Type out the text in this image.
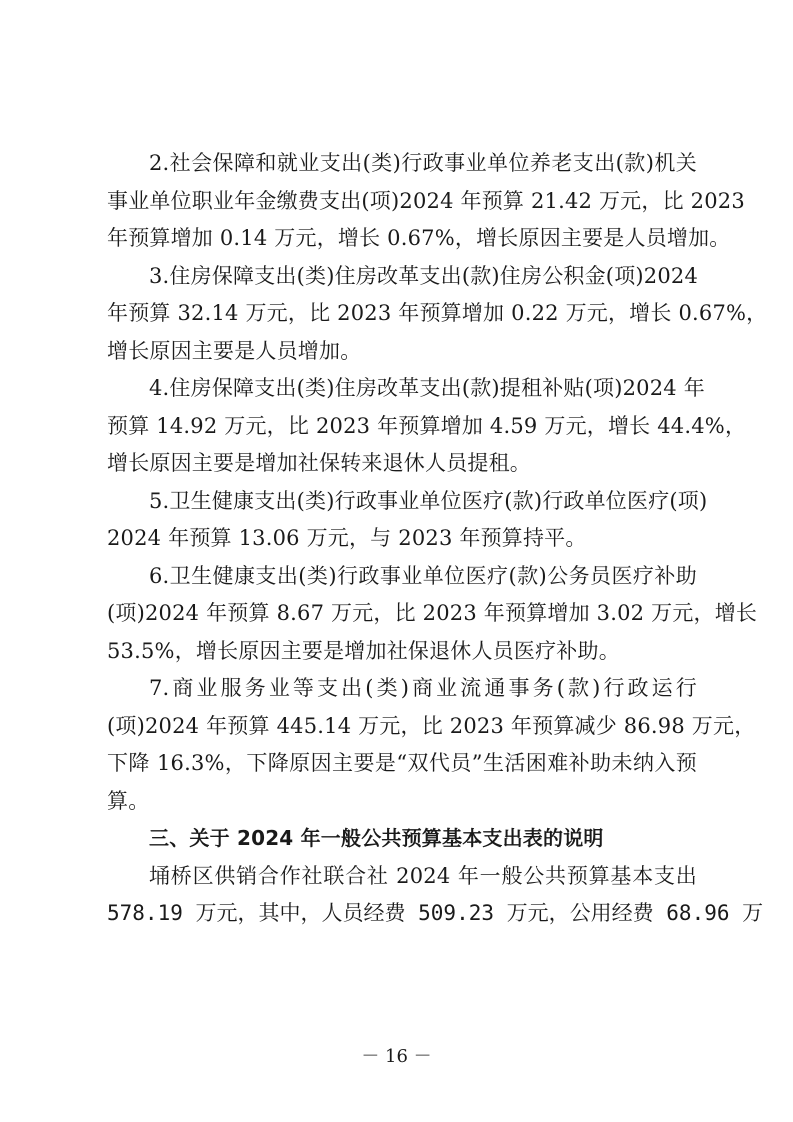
2.社会保障和就业支出(类)行政事业单位养老支出(款)机关
事业单位职业年金缴费支出(项)2024 年预算 21.42 万元，比 2023
年预算增加 0.14 万元，增长 0.67%，增长原因主要是人员增加。

3.住房保障支出(类)住房改革支出(款)住房公积金(项)2024
年预算 32.14 万元，比 2023 年预算增加 0.22 万元，增长 0.67%，
增长原因主要是人员增加。

4.住房保障支出(类)住房改革支出(款)提租补贴(项)2024 年
预算 14.92 万元，比 2023 年预算增加 4.59 万元，增长 44.4%，
增长原因主要是增加社保转来退休人员提租。

5.卫生健康支出(类)行政事业单位医疗(款)行政单位医疗(项)
2024 年预算 13.06 万元，与 2023 年预算持平。

6.卫生健康支出(类)行政事业单位医疗(款)公务员医疗补助
(项)2024 年预算 8.67 万元，比 2023 年预算增加 3.02 万元，增长
53.5%，增长原因主要是增加社保退休人员医疗补助。

7.商业服务业等支出(类)商业流通事务(款)行政运行
(项)2024 年预算 445.14 万元，比 2023 年预算减少 86.98 万元，
下降 16.3%，下降原因主要是“双代员”生活困难补助未纳入预
算。

三、关于 2024 年一般公共预算基本支出表的说明

埇桥区供销合作社联合社 2024 年一般公共预算基本支出
578.19 万元，其中，人员经费 509.23 万元，公用经费 68.96 万

－ 16 －
